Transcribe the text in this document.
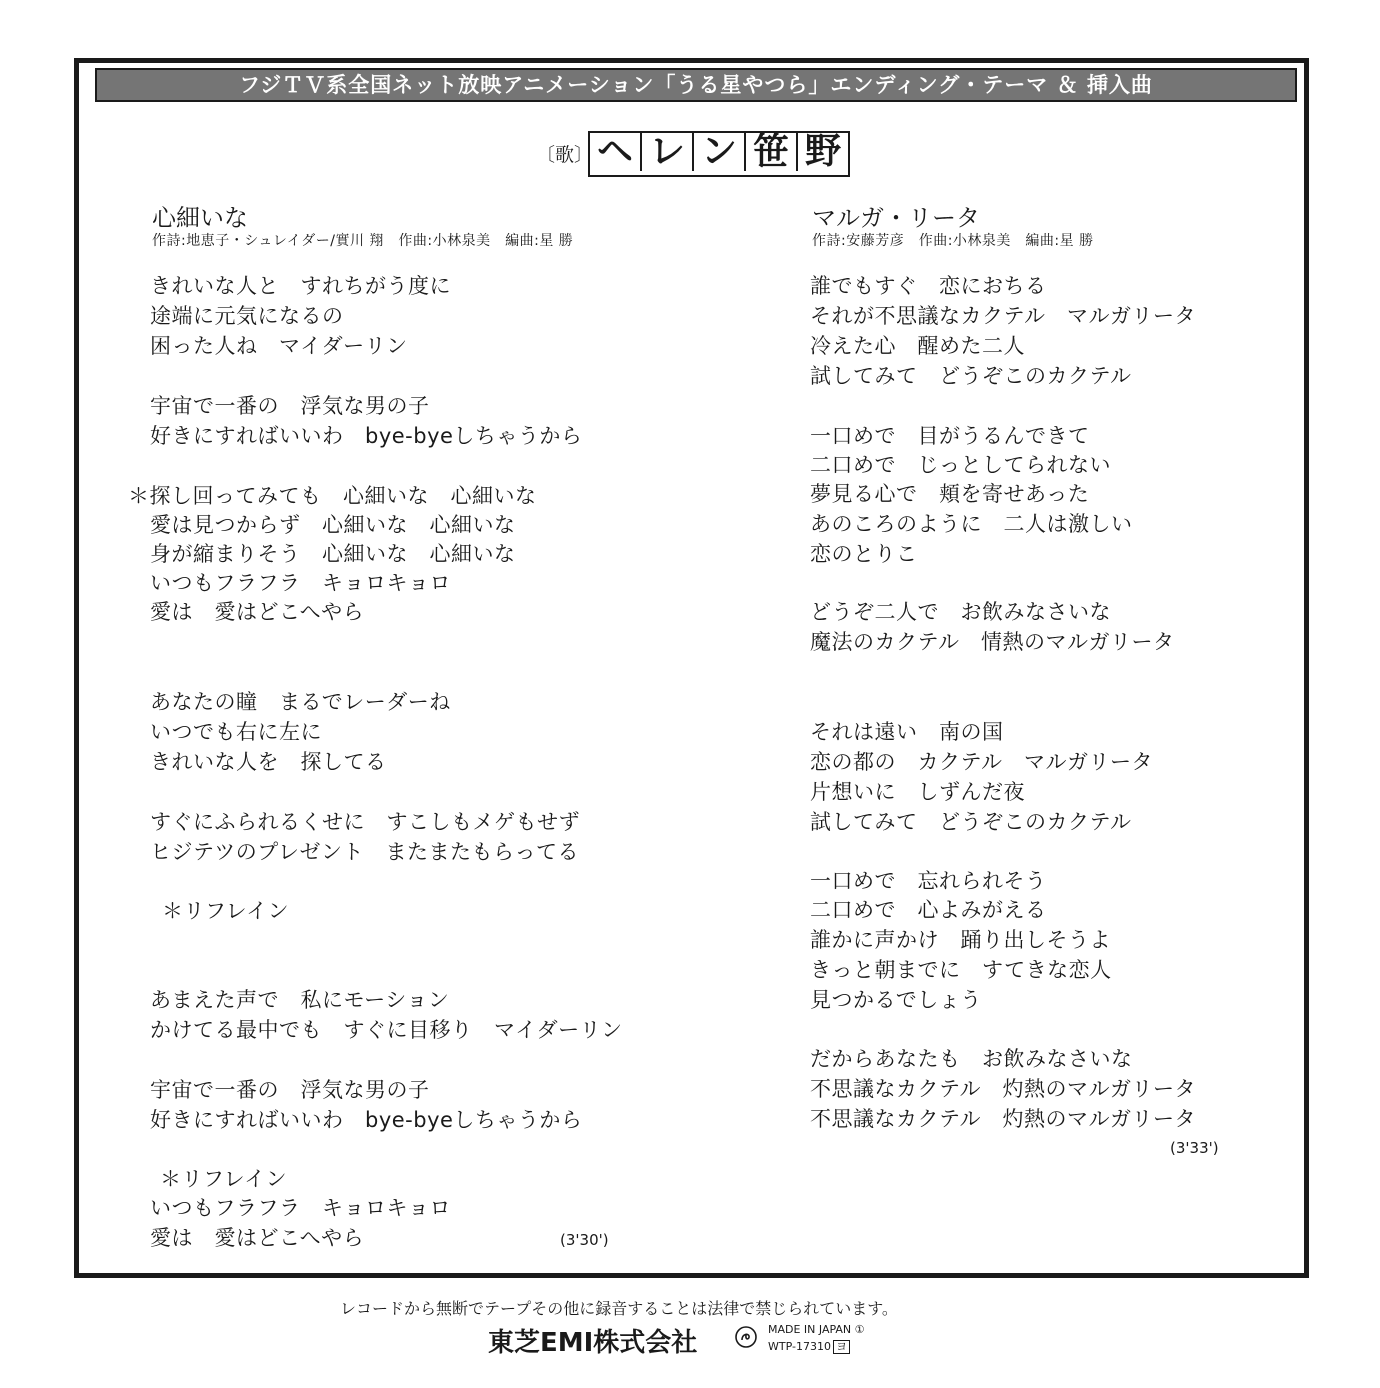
フジＴＶ系全国ネット放映アニメーション「うる星やつら」エンディング・テーマ ＆ 挿入曲
〔歌〕 ヘ レ ン 笹 野
心細いな
作詩:地恵子・シュレイダー/實川 翔　作曲:小林泉美　編曲:星 勝
きれいな人と　すれちがう度に
途端に元気になるの
困った人ね　マイダーリン
宇宙で一番の　浮気な男の子
好きにすればいいわ　bye-byeしちゃうから
＊探し回ってみても　心細いな　心細いな
愛は見つからず　心細いな　心細いな
身が縮まりそう　心細いな　心細いな
いつもフラフラ　キョロキョロ
愛は　愛はどこへやら
あなたの瞳　まるでレーダーね
いつでも右に左に
きれいな人を　探してる
すぐにふられるくせに　すこしもメゲもせず
ヒジテツのプレゼント　またまたもらってる
＊リフレイン
あまえた声で　私にモーション
かけてる最中でも　すぐに目移り　マイダーリン
宇宙で一番の　浮気な男の子
好きにすればいいわ　bye-byeしちゃうから
＊リフレイン
いつもフラフラ　キョロキョロ
愛は　愛はどこへやら	(3'30')
マルガ・リータ
作詩:安藤芳彦　作曲:小林泉美　編曲:星 勝
誰でもすぐ　恋におちる
それが不思議なカクテル　マルガリータ
冷えた心　醒めた二人
試してみて　どうぞこのカクテル
一口めで　目がうるんできて
二口めで　じっとしてられない
夢見る心で　頬を寄せあった
あのころのように　二人は激しい
恋のとりこ
どうぞ二人で　お飲みなさいな
魔法のカクテル　情熱のマルガリータ
それは遠い　南の国
恋の都の　カクテル　マルガリータ
片想いに　しずんだ夜
試してみて　どうぞこのカクテル
一口めで　忘れられそう
二口めで　心よみがえる
誰かに声かけ　踊り出しそうよ
きっと朝までに　すてきな恋人
見つかるでしょう
だからあなたも　お飲みなさいな
不思議なカクテル　灼熱のマルガリータ
不思議なカクテル　灼熱のマルガリータ
(3'33')
レコードから無断でテープその他に録音することは法律で禁じられています。
東芝EMI株式会社	MADE IN JAPAN ①
WTP-17310 ヨ
